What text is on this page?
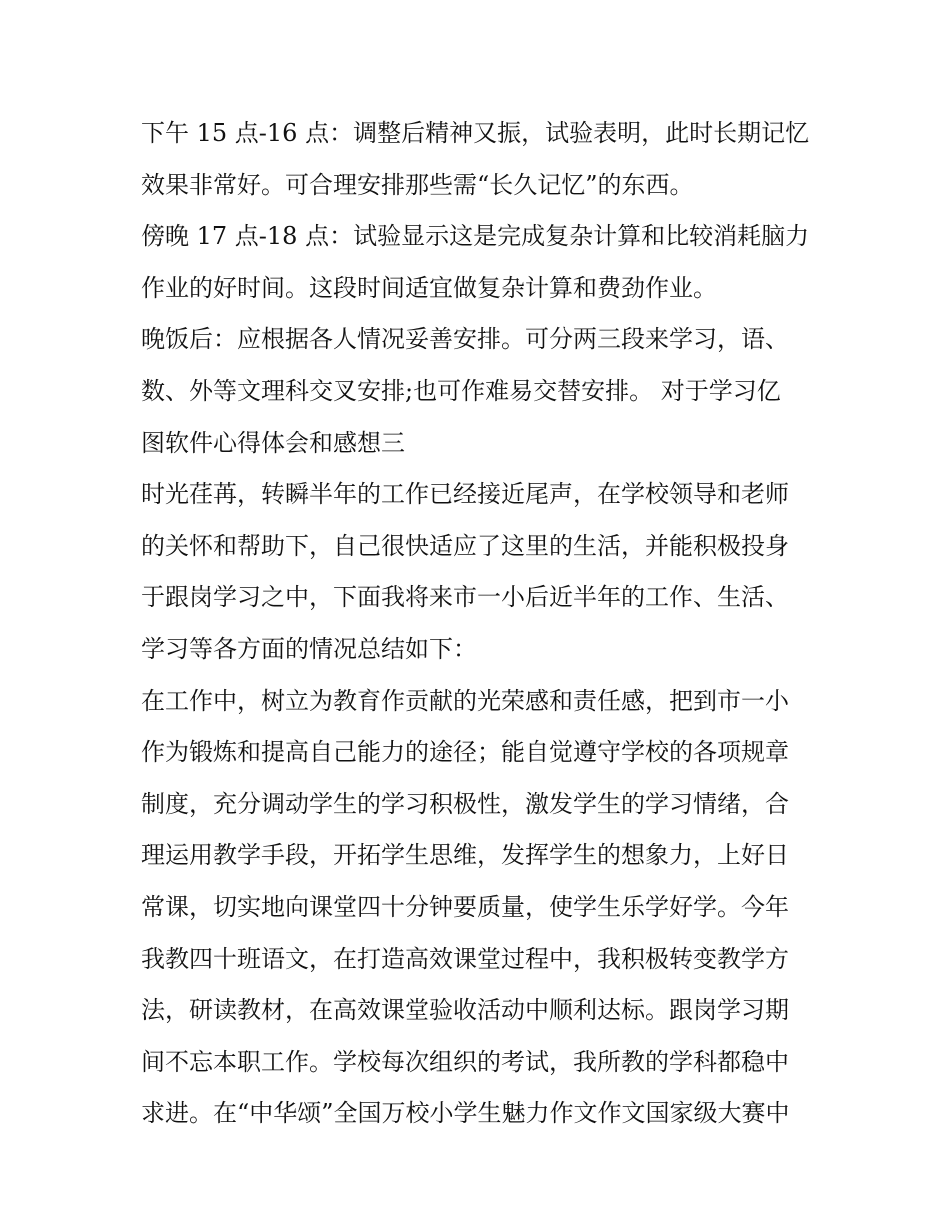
下午 15 点-16 点：调整后精神又振，试验表明，此时长期记忆
效果非常好。可合理安排那些需“长久记忆”的东西。
傍晚 17 点-18 点：试验显示这是完成复杂计算和比较消耗脑力
作业的好时间。这段时间适宜做复杂计算和费劲作业。
晚饭后：应根据各人情况妥善安排。可分两三段来学习，语、
数、外等文理科交叉安排;也可作难易交替安排。 对于学习亿
图软件心得体会和感想三
时光荏苒，转瞬半年的工作已经接近尾声，在学校领导和老师
的关怀和帮助下，自己很快适应了这里的生活，并能积极投身
于跟岗学习之中，下面我将来市一小后近半年的工作、生活、
学习等各方面的情况总结如下：
在工作中，树立为教育作贡献的光荣感和责任感，把到市一小
作为锻炼和提高自己能力的途径；能自觉遵守学校的各项规章
制度，充分调动学生的学习积极性，激发学生的学习情绪，合
理运用教学手段，开拓学生思维，发挥学生的想象力，上好日
常课，切实地向课堂四十分钟要质量，使学生乐学好学。今年
我教四十班语文，在打造高效课堂过程中，我积极转变教学方
法，研读教材，在高效课堂验收活动中顺利达标。跟岗学习期
间不忘本职工作。学校每次组织的考试，我所教的学科都稳中
求进。在“中华颂”全国万校小学生魅力作文作文国家级大赛中
